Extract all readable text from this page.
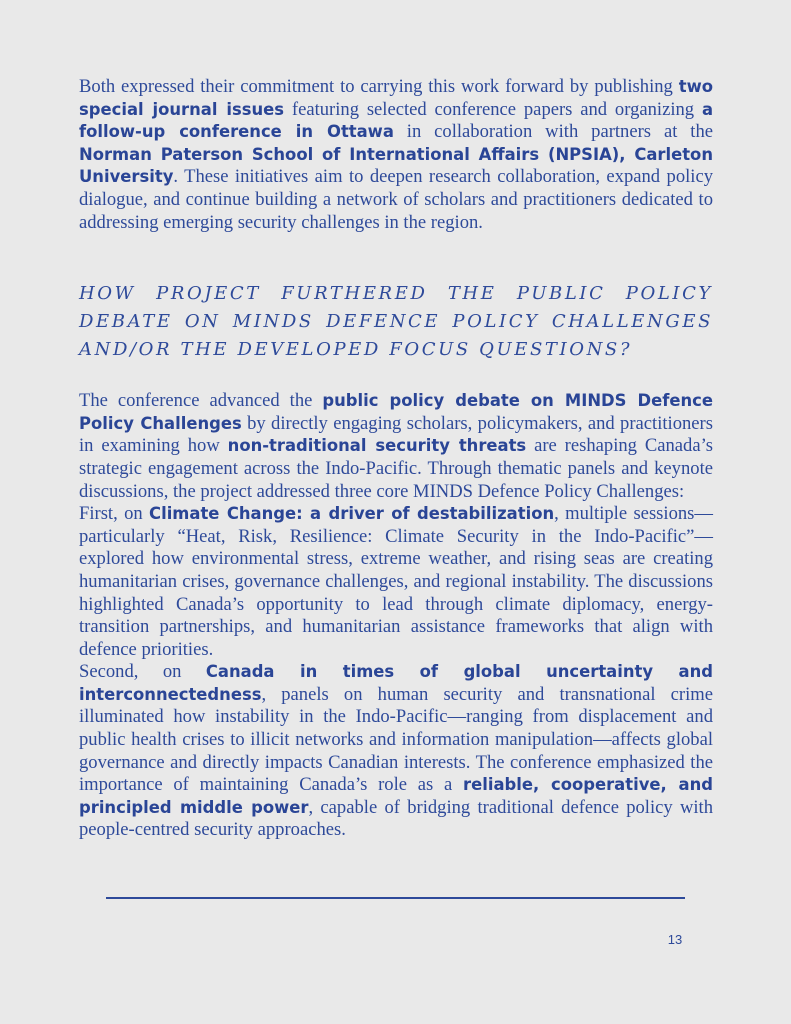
Both expressed their commitment to carrying this work forward by publishing two special journal issues featuring selected conference papers and organizing a follow-up conference in Ottawa in collaboration with partners at the Norman Paterson School of International Affairs (NPSIA), Carleton University. These initiatives aim to deepen research collaboration, expand policy dialogue, and continue building a network of scholars and practitioners dedicated to addressing emerging security challenges in the region.

HOW PROJECT FURTHERED THE PUBLIC POLICY DEBATE ON MINDS DEFENCE POLICY CHALLENGES AND/OR THE DEVELOPED FOCUS QUESTIONS?

The conference advanced the public policy debate on MINDS Defence Policy Challenges by directly engaging scholars, policymakers, and practitioners in examining how non-traditional security threats are reshaping Canada’s strategic engagement across the Indo-Pacific. Through thematic panels and keynote discussions, the project addressed three core MINDS Defence Policy Challenges:

First, on Climate Change: a driver of destabilization, multiple sessions—particularly “Heat, Risk, Resilience: Climate Security in the Indo-Pacific”—explored how environmental stress, extreme weather, and rising seas are creating humanitarian crises, governance challenges, and regional instability. The discussions highlighted Canada’s opportunity to lead through climate diplomacy, energy-transition partnerships, and humanitarian assistance frameworks that align with defence priorities.

Second, on Canada in times of global uncertainty and interconnectedness, panels on human security and transnational crime illuminated how instability in the Indo-Pacific—ranging from displacement and public health crises to illicit networks and information manipulation—affects global governance and directly impacts Canadian interests. The conference emphasized the importance of maintaining Canada’s role as a reliable, cooperative, and principled middle power, capable of bridging traditional defence policy with people-centred security approaches.

13
